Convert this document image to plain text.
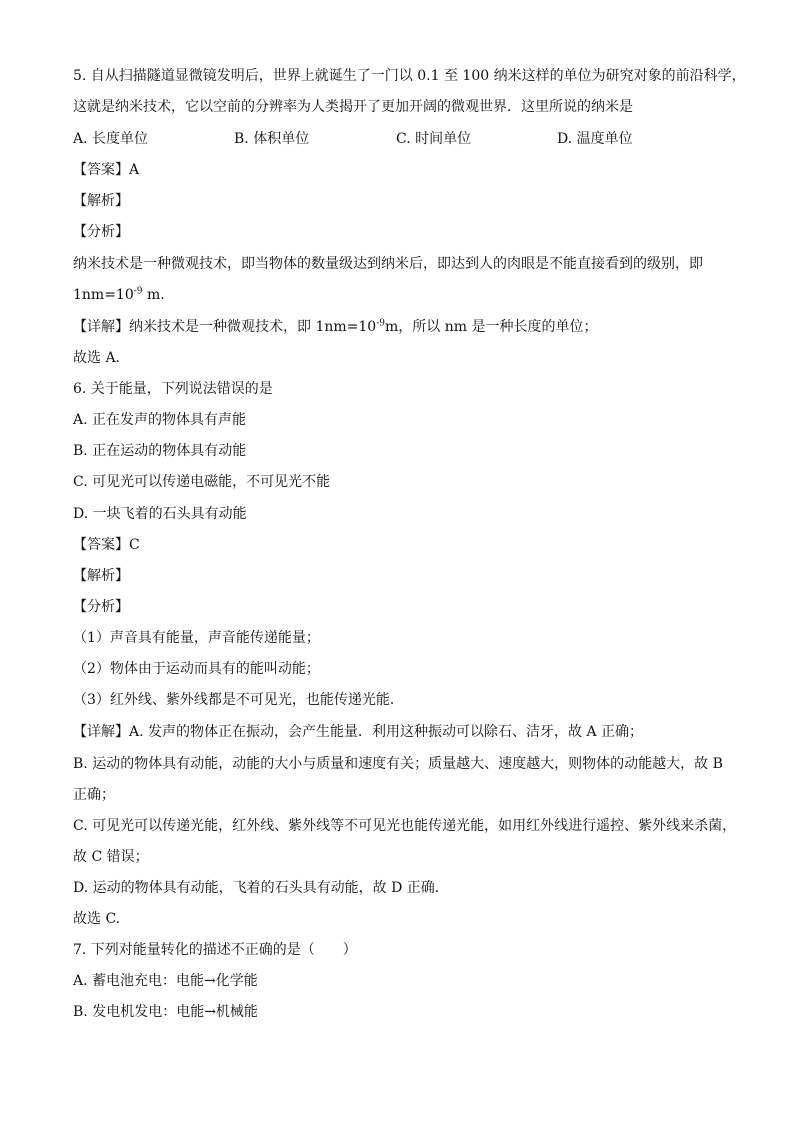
5. 自从扫描隧道显微镜发明后，世界上就诞生了一门以 0.1 至 100 纳米这样的单位为研究对象的前沿科学，
这就是纳米技术，它以空前的分辨率为人类揭开了更加开阔的微观世界．这里所说的纳米是
A. 长度单位	B. 体积单位	C. 时间单位	D. 温度单位
【答案】A
【解析】
【分析】
纳米技术是一种微观技术，即当物体的数量级达到纳米后，即达到人的肉眼是不能直接看到的级别，即
$1nm=10^{-9}$ m.
【详解】纳米技术是一种微观技术，即 $1nm=10^{-9}m$，所以 nm 是一种长度的单位；
故选 A.
6. 关于能量，下列说法错误的是
A. 正在发声的物体具有声能
B. 正在运动的物体具有动能
C. 可见光可以传递电磁能，不可见光不能
D. 一块飞着的石头具有动能
【答案】C
【解析】
【分析】
（1）声音具有能量，声音能传递能量；
（2）物体由于运动而具有的能叫动能；
（3）红外线、紫外线都是不可见光，也能传递光能．
【详解】A. 发声的物体正在振动，会产生能量．利用这种振动可以除石、洁牙，故 A 正确；
B. 运动的物体具有动能，动能的大小与质量和速度有关；质量越大、速度越大，则物体的动能越大，故 B
正确；
C. 可见光可以传递光能，红外线、紫外线等不可见光也能传递光能，如用红外线进行遥控、紫外线来杀菌，
故 C 错误；
D. 运动的物体具有动能，飞着的石头具有动能，故 D 正确．
故选 C.
7. 下列对能量转化的描述不正确的是（　　）
A. 蓄电池充电：电能→化学能
B. 发电机发电：电能→机械能
